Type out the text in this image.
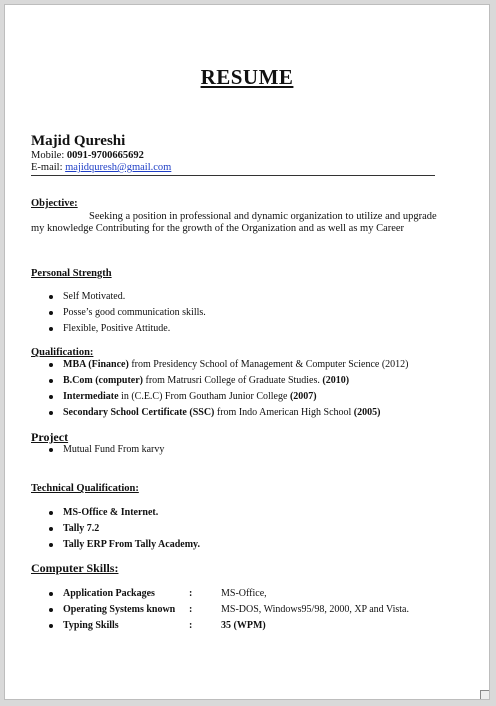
RESUME
Majid Qureshi
Mobile: 0091-9700665692
E-mail: majidquresh@gmail.com
Objective:
Seeking a position in professional and dynamic organization to utilize and upgrade my knowledge Contributing for the growth of the Organization and as well as my Career
Personal Strength
Self Motivated.
Posse’s good communication skills.
Flexible, Positive Attitude.
Qualification:
MBA (Finance) from Presidency School of Management & Computer Science (2012)
B.Com (computer) from Matrusri College of Graduate Studies. (2010)
Intermediate in (C.E.C) From Goutham Junior College (2007)
Secondary School Certificate (SSC) from Indo American High School (2005)
Project
Mutual Fund From karvy
Technical Qualification:
MS-Office & Internet.
Tally 7.2
Tally ERP From Tally Academy.
Computer Skills:
Application Packages	:	MS-Office,
Operating Systems known :	MS-DOS, Windows95/98, 2000, XP and Vista.
Typing Skills	:	35 (WPM)
